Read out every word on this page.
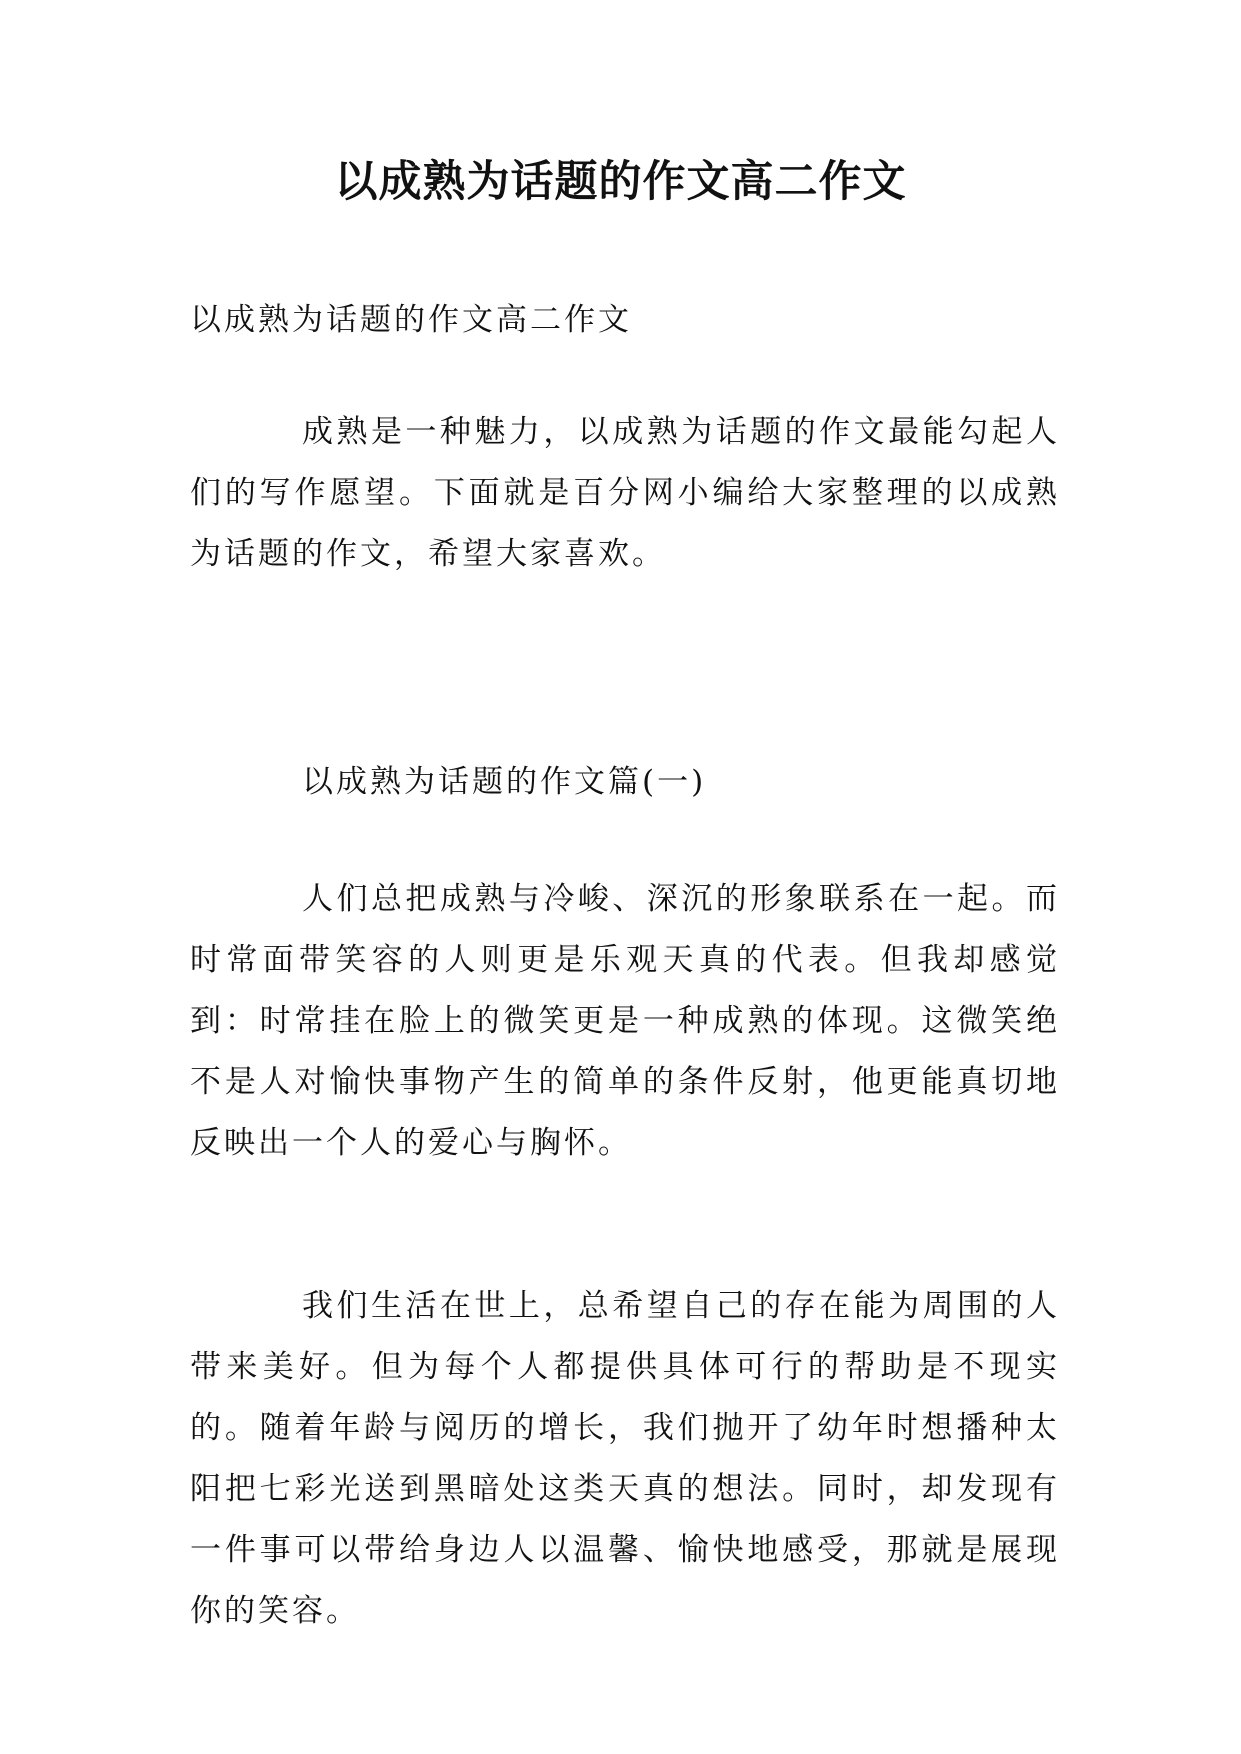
以成熟为话题的作文高二作文

以成熟为话题的作文高二作文

成熟是一种魅力，以成熟为话题的作文最能勾起人们的写作愿望。下面就是百分网小编给大家整理的以成熟为话题的作文，希望大家喜欢。

以成熟为话题的作文篇(一)

人们总把成熟与冷峻、深沉的形象联系在一起。而时常面带笑容的人则更是乐观天真的代表。但我却感觉到：时常挂在脸上的微笑更是一种成熟的体现。这微笑绝不是人对愉快事物产生的简单的条件反射，他更能真切地反映出一个人的爱心与胸怀。

我们生活在世上，总希望自己的存在能为周围的人带来美好。但为每个人都提供具体可行的帮助是不现实的。随着年龄与阅历的增长，我们抛开了幼年时想播种太阳把七彩光送到黑暗处这类天真的想法。同时，却发现有一件事可以带给身边人以温馨、愉快地感受，那就是展现你的笑容。
